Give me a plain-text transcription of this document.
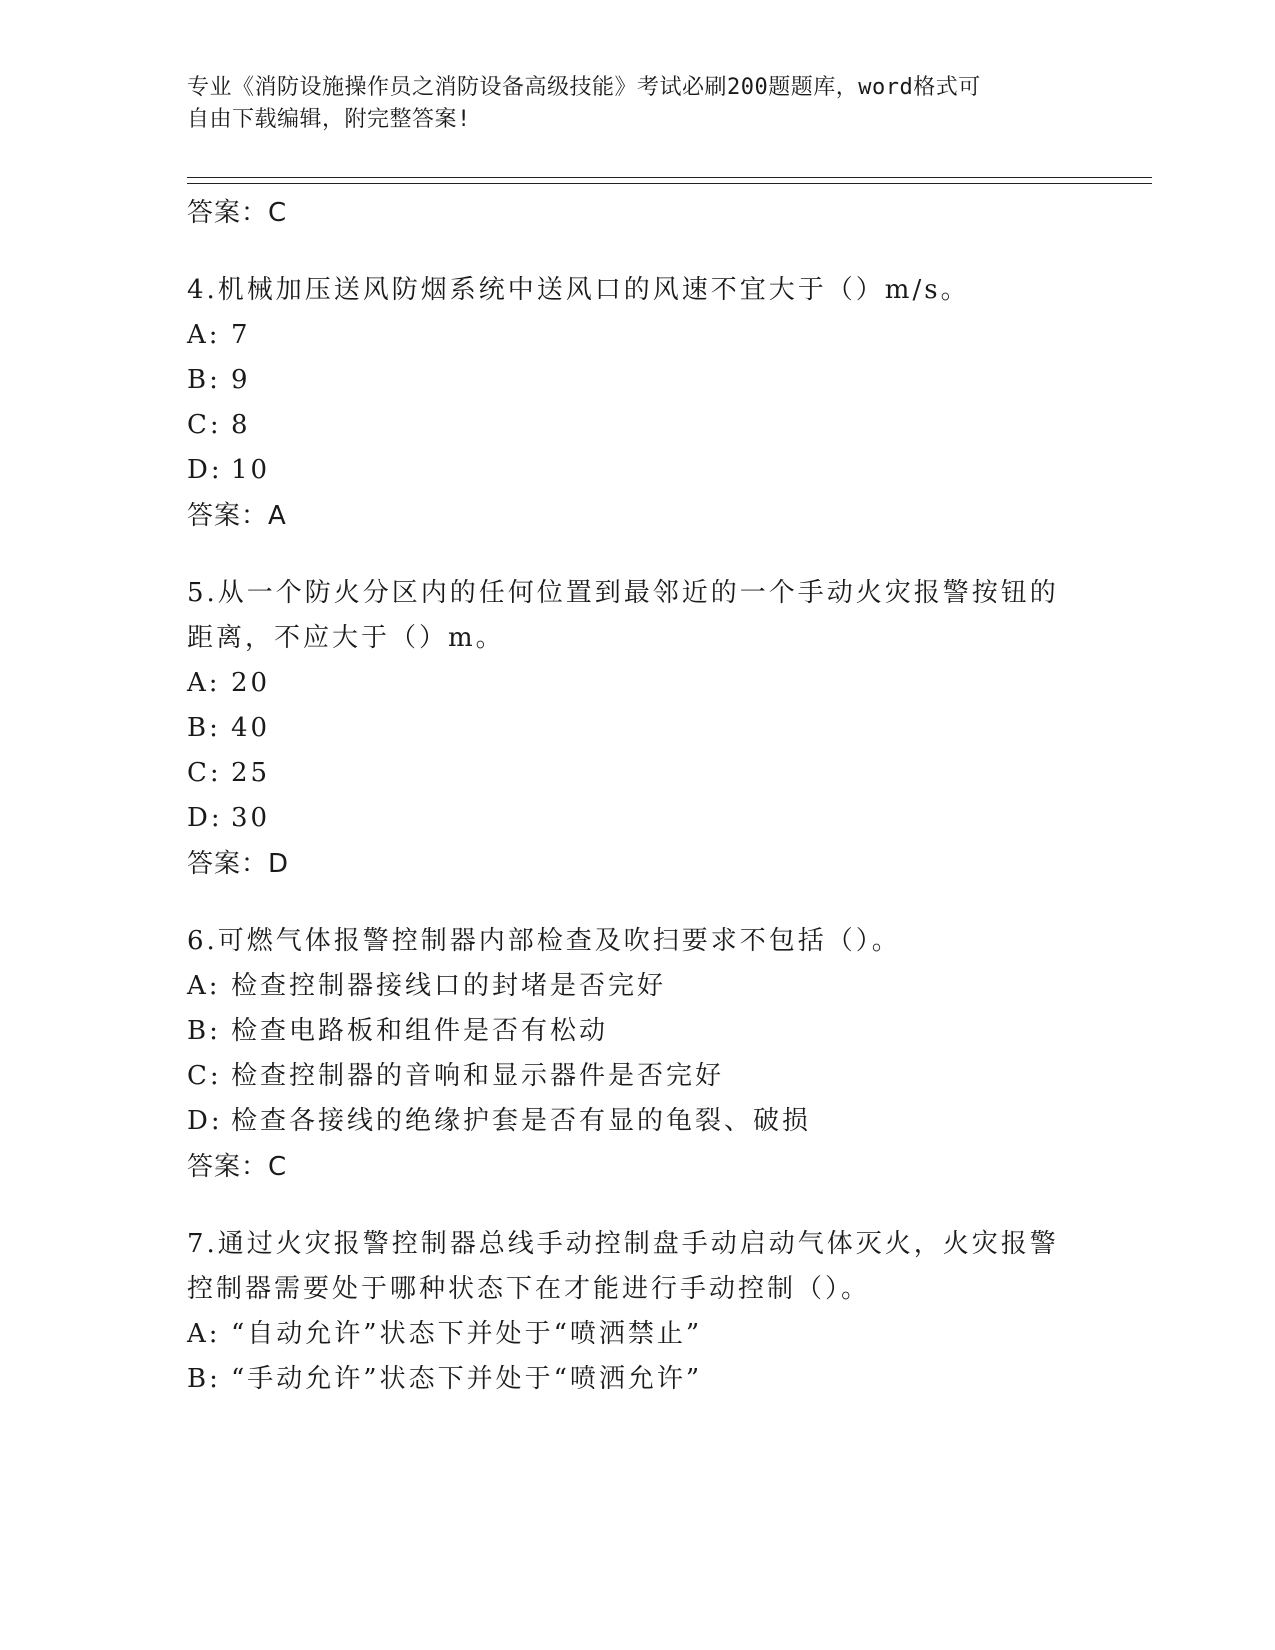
专业《消防设施操作员之消防设备高级技能》考试必刷200题题库，word格式可
自由下载编辑，附完整答案!
答案：C
4.机械加压送风防烟系统中送风口的风速不宜大于（）m/s。
A: 7
B: 9
C: 8
D: 10
答案：A
5.从一个防火分区内的任何位置到最邻近的一个手动火灾报警按钮的距离，不应大于（）m。
A: 20
B: 40
C: 25
D: 30
答案：D
6.可燃气体报警控制器内部检查及吹扫要求不包括（）。
A: 检查控制器接线口的封堵是否完好
B: 检查电路板和组件是否有松动
C: 检查控制器的音响和显示器件是否完好
D: 检查各接线的绝缘护套是否有显的龟裂、破损
答案：C
7.通过火灾报警控制器总线手动控制盘手动启动气体灭火，火灾报警控制器需要处于哪种状态下在才能进行手动控制（）。
A: “自动允许”状态下并处于“喷洒禁止”
B: “手动允许”状态下并处于“喷洒允许”
